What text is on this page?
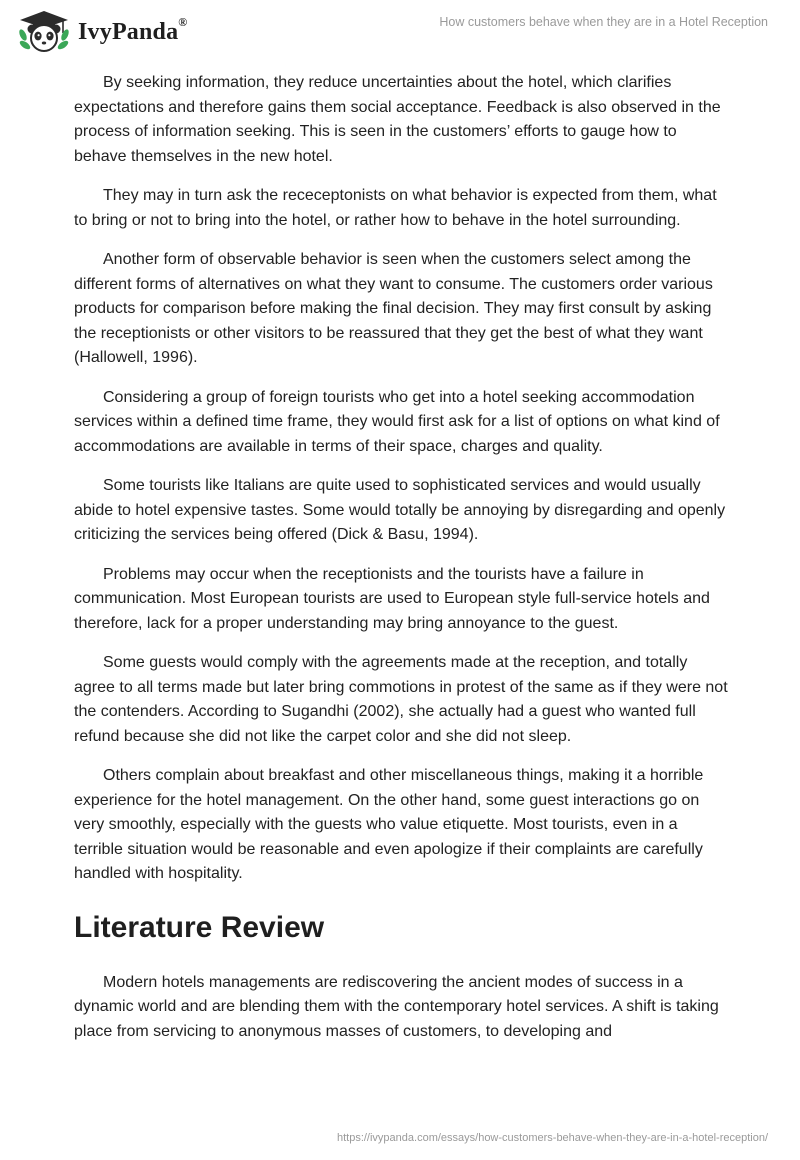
IvyPanda®	How customers behave when they are in a Hotel Reception

By seeking information, they reduce uncertainties about the hotel, which clarifies expectations and therefore gains them social acceptance. Feedback is also observed in the process of information seeking. This is seen in the customers’ efforts to gauge how to behave themselves in the new hotel.

They may in turn ask the receceptonists on what behavior is expected from them, what to bring or not to bring into the hotel, or rather how to behave in the hotel surrounding.

Another form of observable behavior is seen when the customers select among the different forms of alternatives on what they want to consume. The customers order various products for comparison before making the final decision. They may first consult by asking the receptionists or other visitors to be reassured that they get the best of what they want (Hallowell, 1996).

Considering a group of foreign tourists who get into a hotel seeking accommodation services within a defined time frame, they would first ask for a list of options on what kind of accommodations are available in terms of their space, charges and quality.

Some tourists like Italians are quite used to sophisticated services and would usually abide to hotel expensive tastes. Some would totally be annoying by disregarding and openly criticizing the services being offered (Dick & Basu, 1994).

Problems may occur when the receptionists and the tourists have a failure in communication. Most European tourists are used to European style full-service hotels and therefore, lack for a proper understanding may bring annoyance to the guest.

Some guests would comply with the agreements made at the reception, and totally agree to all terms made but later bring commotions in protest of the same as if they were not the contenders. According to Sugandhi (2002), she actually had a guest who wanted full refund because she did not like the carpet color and she did not sleep.

Others complain about breakfast and other miscellaneous things, making it a horrible experience for the hotel management. On the other hand, some guest interactions go on very smoothly, especially with the guests who value etiquette. Most tourists, even in a terrible situation would be reasonable and even apologize if their complaints are carefully handled with hospitality.

Literature Review

Modern hotels managements are rediscovering the ancient modes of success in a dynamic world and are blending them with the contemporary hotel services. A shift is taking place from servicing to anonymous masses of customers, to developing and

https://ivypanda.com/essays/how-customers-behave-when-they-are-in-a-hotel-reception/
